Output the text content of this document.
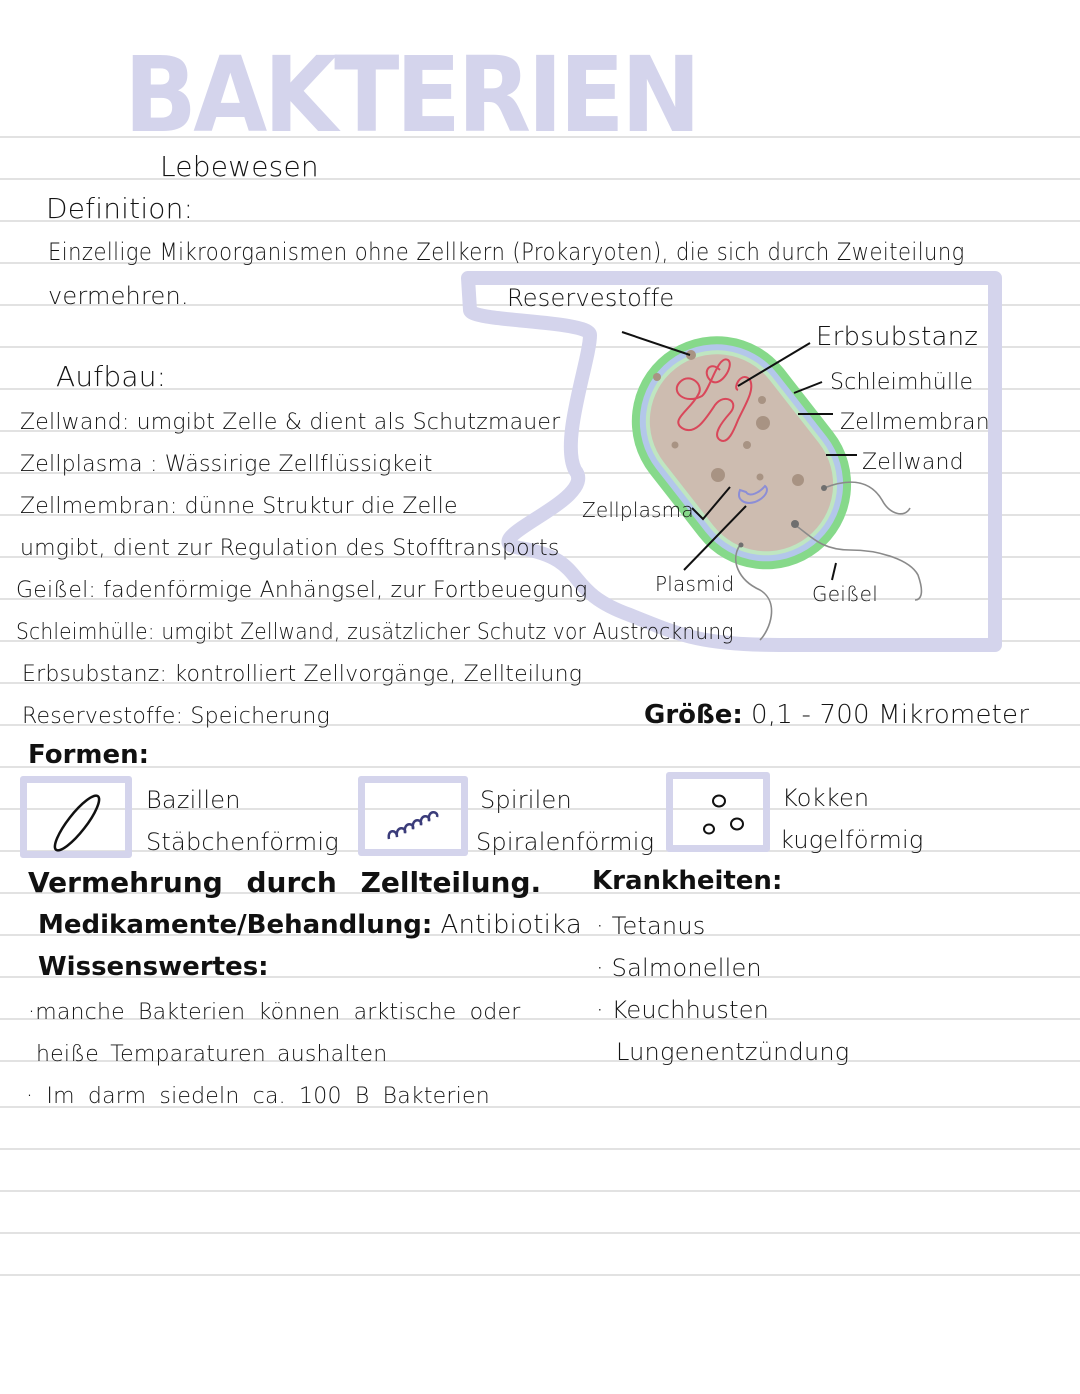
BAKTERIEN
Lebewesen
Definition:
Einzellige Mikroorganismen ohne Zellkern (Prokaryoten), die sich durch Zweiteilung
vermehren.	Reservestoffe
Erbsubstanz
Schleimhülle
Zellmembran
Zellwand
Zellplasma
Plasmid	Geißel
Aufbau:
Zellwand: umgibt Zelle & dient als Schutzmauer
Zellplasma : Wässirige Zellflüssigkeit
Zellmembran: dünne Struktur die Zelle
umgibt, dient zur Regulation des Stofftransports
Geißel: fadenförmige Anhängsel, zur Fortbeuegung
Schleimhülle: umgibt Zellwand, zusätzlicher Schutz vor Austrocknung
Erbsubstanz: kontrolliert Zellvorgänge, Zellteilung
Reservestoffe: Speicherung	Größe: 0,1 - 700 Mikrometer
Formen:
Bazillen
Stäbchenförmig
Spirilen
Spiralenförmig
Kokken
kugelförmig
Vermehrung durch Zellteilung.
Medikamente/Behandlung: Antibiotika
Wissenswertes:
·manche Bakterien können arktische oder
heiße Temparaturen aushalten
· Im darm siedeln ca. 100 B Bakterien
Krankheiten:
· Tetanus
· Salmonellen
· Keuchhusten
Lungenentzündung
